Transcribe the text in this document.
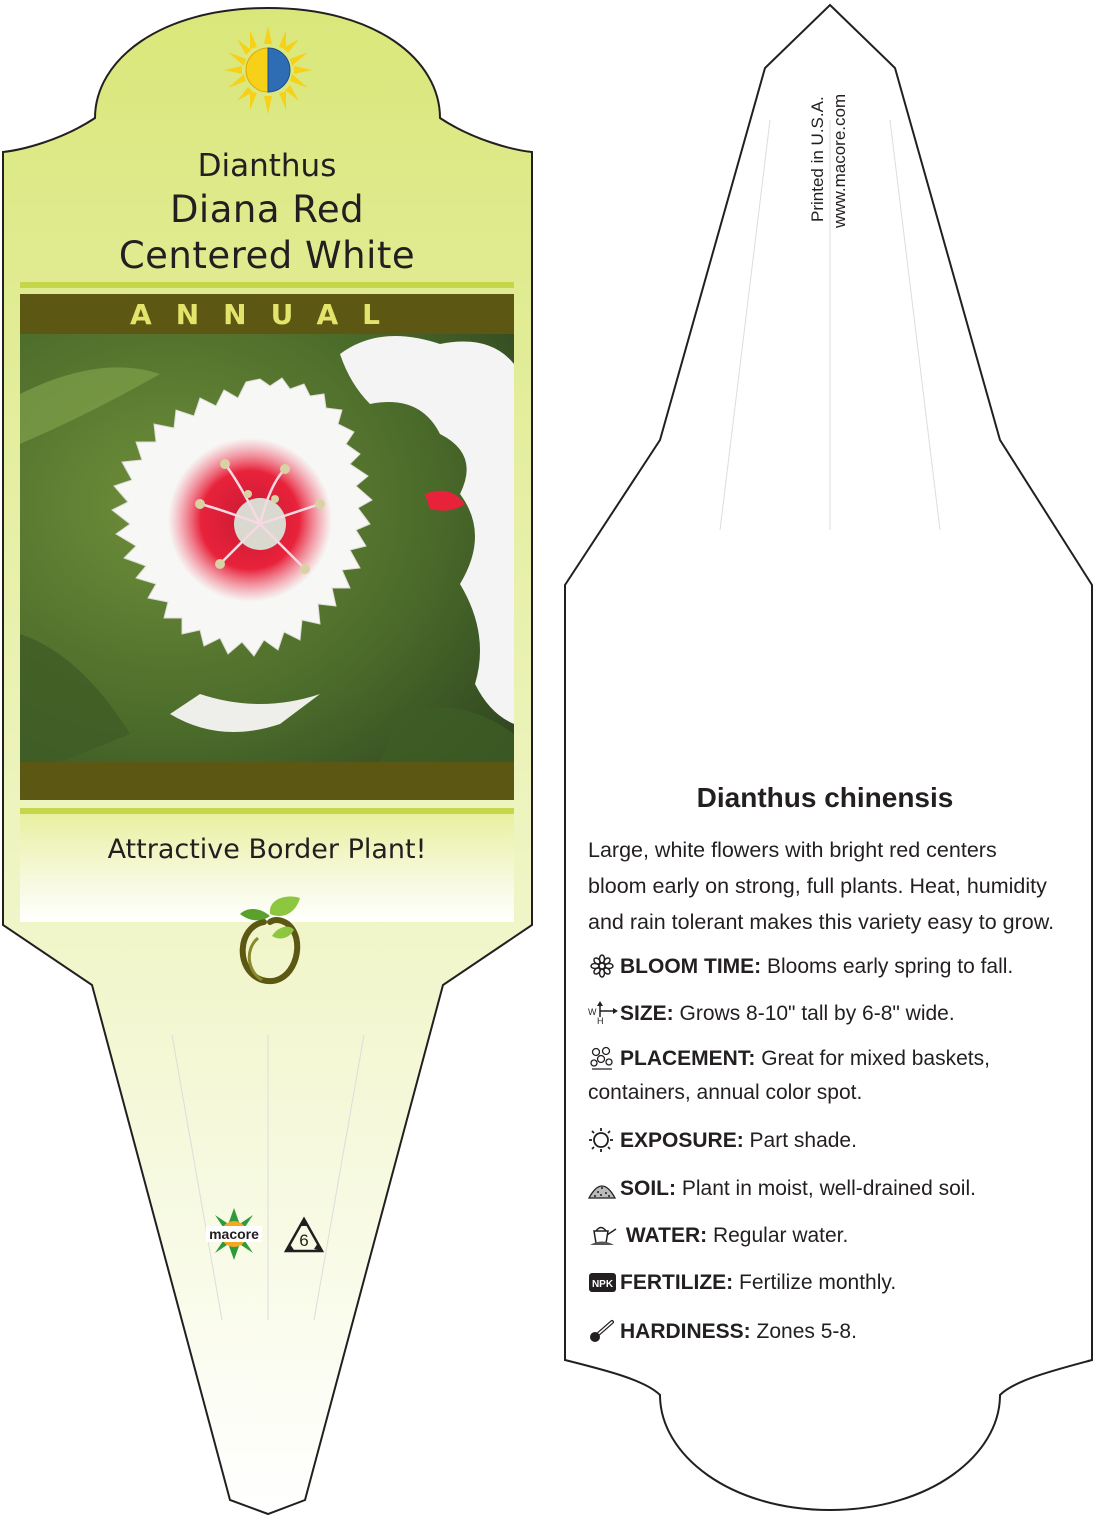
Dianthus
Diana Red
Centered White
ANNUAL
Attractive Border Plant!
macore	6
Printed in U.S.A. www.macore.com
Dianthus chinensis
Large, white flowers with bright red centers
bloom early on strong, full plants. Heat, humidity
and rain tolerant makes this variety easy to grow.
BLOOM TIME: Blooms early spring to fall.
W
H SIZE: Grows 8-10" tall by 6-8" wide.
PLACEMENT: Great for mixed baskets,
containers, annual color spot.
EXPOSURE: Part shade.
SOIL: Plant in moist, well-drained soil.
WATER: Regular water.
NPK FERTILIZE: Fertilize monthly.
HARDINESS: Zones 5-8.
